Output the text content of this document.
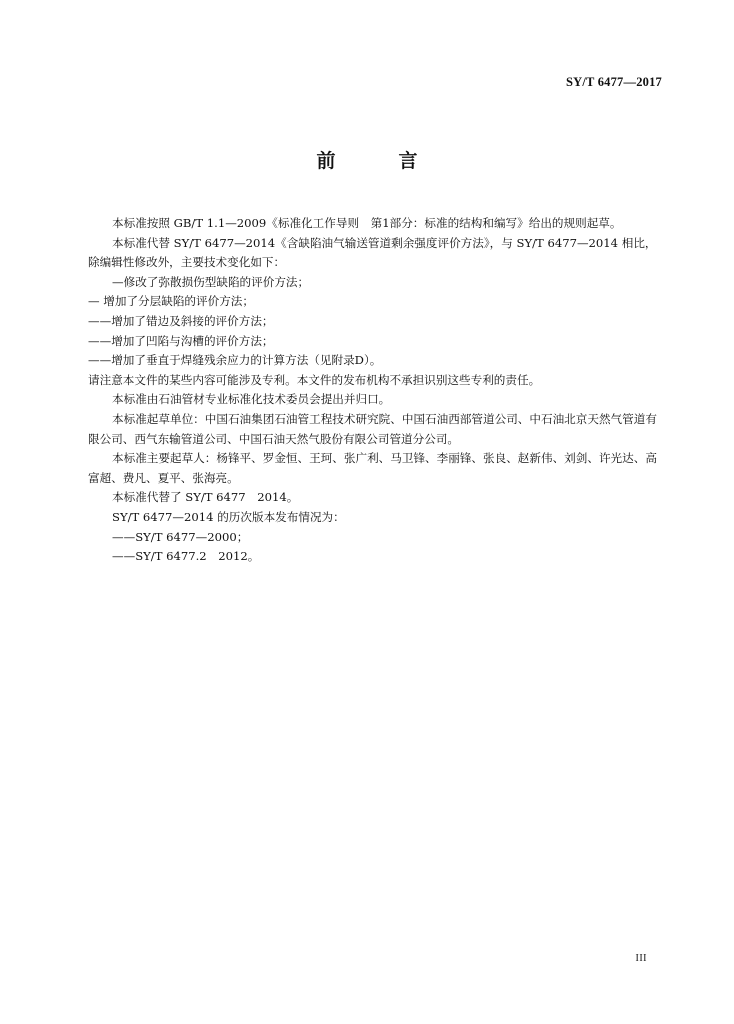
SY/T 6477—2017
前　言

本标准按照 GB/T 1.1—2009《标准化工作导则　第1部分：标准的结构和编写》给出的规则起草。

本标准代替 SY/T 6477—2014《含缺陷油气输送管道剩余强度评价方法》，与 SY/T 6477—2014 相比，除编辑性修改外，主要技术变化如下：

—修改了弥散损伤型缺陷的评价方法；

— 增加了分层缺陷的评价方法；

——增加了错边及斜接的评价方法；

——增加了凹陷与沟槽的评价方法；

——增加了垂直于焊缝残余应力的计算方法（见附录D）。

请注意本文件的某些内容可能涉及专利。本文件的发布机构不承担识别这些专利的责任。

本标准由石油管材专业标准化技术委员会提出并归口。

本标准起草单位：中国石油集团石油管工程技术研究院、中国石油西部管道公司、中石油北京天然气管道有限公司、西气东输管道公司、中国石油天然气股份有限公司管道分公司。

本标准主要起草人：杨锋平、罗金恒、王珂、张广利、马卫锋、李丽锋、张良、赵新伟、刘剑、许光达、高富超、费凡、夏平、张海亮。

本标准代替了 SY/T 6477　2014。

SY/T 6477—2014 的历次版本发布情况为：

——SY/T 6477—2000；

——SY/T 6477.2　2012。

III
